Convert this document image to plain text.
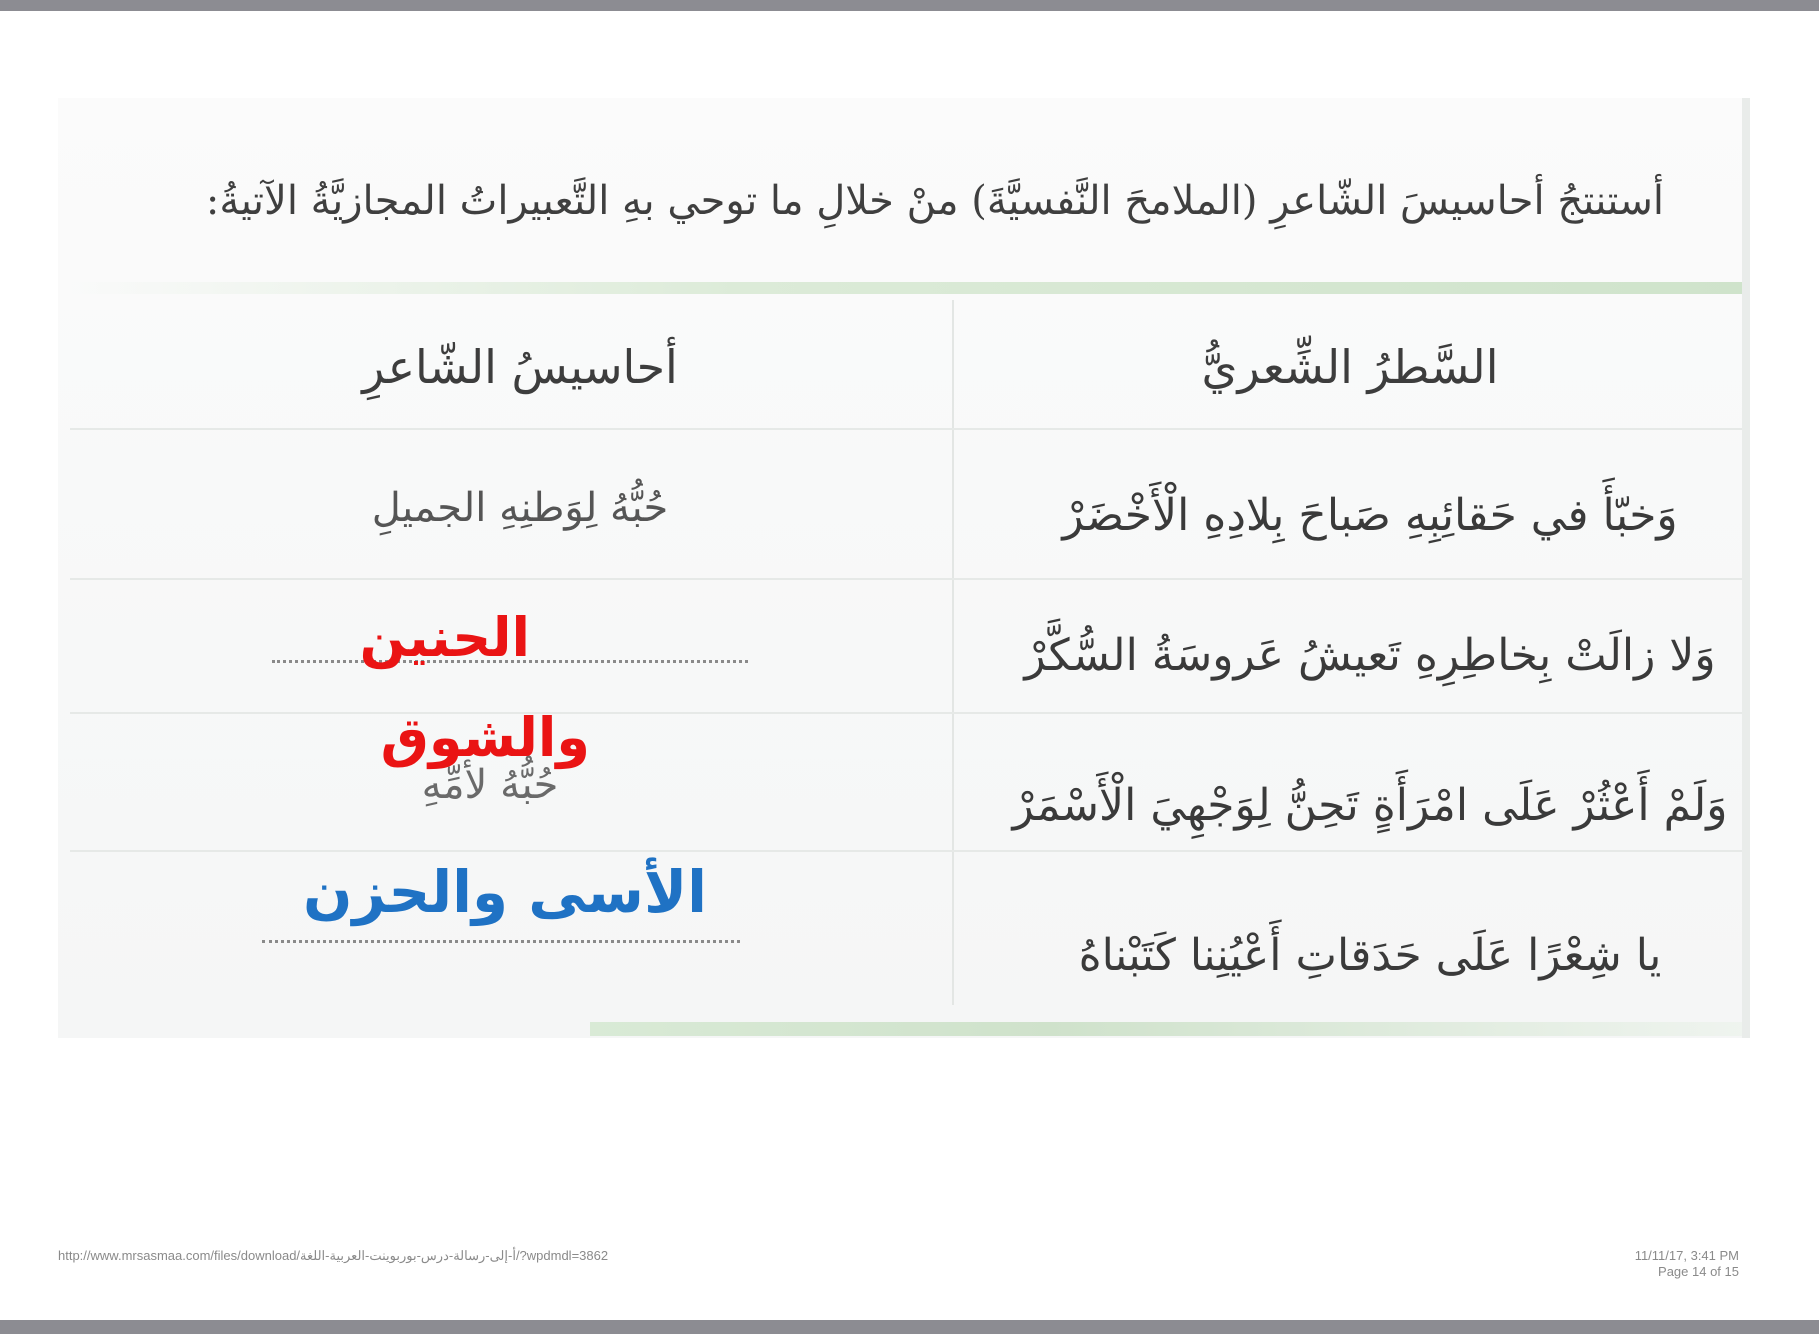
أستنتجُ أحاسيسَ الشّاعرِ (الملامحَ النَّفسيَّةَ) منْ خلالِ ما توحي بهِ التَّعبيراتُ المجازيَّةُ الآتيةُ:
السَّطرُ الشِّعريُّ
أحاسيسُ الشّاعرِ
وَخبّأَ في حَقائِبِهِ صَباحَ بِلادِهِ الْأَخْضَرْ
وَلا زالَتْ بِخاطِرِهِ تَعيشُ عَروسَةُ السُّكَّرْ
وَلَمْ أَعْثُرْ عَلَى امْرَأَةٍ تَحِنُّ لِوَجْهِيَ الْأَسْمَرْ
يا شِعْرًا عَلَى حَدَقاتِ أَعْيُنِنا كَتَبْناهُ
حُبُّهُ لِوَطنِهِ الجميلِ
الحنين
حُبُّهُ لأمِّهِ
والشوق
الأسى والحزن
http://www.mrsasmaa.com/files/download/أ-إلى-رسالة-درس-بوربوينت-العربية-اللغة/?wpdmdl=3862	11/11/17, 3:41 PM
Page 14 of 15
